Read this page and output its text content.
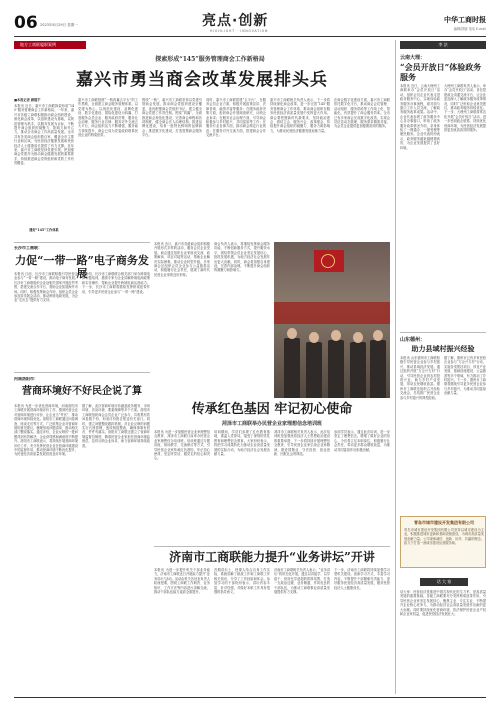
06 2023年8月29日 星期一	亮点·创新
HIGHLIGHT · INNOVATION
中华工商时报
编辑/排版 电话 E-mail
地方工商联履职案例
探索形成“145”服务管理商会工作新格局
嘉兴市勇当商会改革发展排头兵
■本报记者 顾继宇
本报讯 近日，嘉兴市工商联探索形成“145”服务管理商会工作新格局。一年来，嘉兴市各级工商联积极推动商会组织建设，深化商会改革，以组织建设为基础，以规范管理为抓手，以服务发展为目标，不断提升商会组织的凝聚力、影响力和号召力，推动全市商会工作高质量发展。全市共有各类商会组织数百家，覆盖全市主要行业和区域，为民营经济健康发展和民营经济人士健康成长提供了有力支撑。近年来，嘉兴市工商联坚持党建引领，把加强商会党建作为推动商会健康发展的重要抓手，持续推进商会党的组织和党的工作有效覆盖。
建好“145”工作体系
嘉兴市工商联按照“一核四翼五平台”的工作思路，全面建立商会服务管理体系。以党建为核心，以规范化建设、品牌化建设、数字化建设、国际化建设为四翼，打造服务会员企业、服务政府决策、服务社会治理、服务行业自律、服务对外交流五大平台，商会组织活力不断增强，服务能力持续提升，商会已成为党委政府联系民营企业的桥梁纽带。
围绕“一核”，嘉兴市工商联坚持以党建引领商会发展，推动商会党组织建设全覆盖，选优配强商会党组织书记，建立健全商会党建工作责任制。围绕“四翼”，全面推进商会规范化建设，完善商会章程和各项制度，健全商会法人治理结构；推进品牌化建设，培育一批特色鲜明的品牌商会；推进数字化建设，打造智慧商会服务平台。
同时，嘉兴市工商联搭建“五平台”，在服务会员企业方面，积极开展政策宣讲、法律咨询、融资对接等服务；在服务政府决策方面，组织商会开展调查研究，反映企业诉求；在服务社会治理方面，引导商会积极参与乡村振兴、共同富裕等工作；在服务行业自律方面，推动商会制定行业规范；在服务对外交流方面，搭建商会合作交流平台。
嘉兴市工商联相关负责人表示，下一步将持续深化商会改革，进一步完善“145”服务管理商会工作体系，推动商会组织在服务民营经济高质量发展中发挥更大作用。商会要把握新时代新要求，坚持政治建会、团结立会、服务兴会、改革强会，持续提升商会组织的凝聚力、服务力和影响力，为推动民营经济健康发展贡献力量。
在商会数字化建设方面，嘉兴市工商联依托数字化平台，推动商会会员管理、活动组织、服务供给等工作线上化、智能化，有效提升了商会服务效率。全市已有多家商会完成数字化改造，实现会员信息动态管理，服务需求精准对接，为会员企业提供更加便捷高效的服务。
长沙市工商联：
力促“一带一路”电子商务发展
本报讯 日前，长沙市工商联积极引导民营企业参与“一带一路”建设，推动电子商务发展。长沙市工商联组织企业赴相关国家开展经贸考察，搭建交流合作平台，帮助企业拓展海外市场。同时，积极发挥商会作用，组织会员企业参加各类展会活动，推动跨境电商发展，为企业“走出去”提供有力支持。
据介绍，长沙市工商联联合相关部门举办跨境电商专题培训，邀请专家为企业讲解跨境电商政策和实务操作，帮助企业提升跨境电商运营能力。下一步，长沙市工商联将继续发挥桥梁纽带作用，引导更多民营企业参与“一带一路”建设。
河南洛阳市：
营商环境好不好民企说了算
本报讯 为进一步优化营商环境，河南洛阳市工商联开展营商环境评价工作，邀请民营企业对营商环境进行评价，让企业当“考官”，推动营商环境持续优化。洛阳市工商联通过问卷调查、座谈走访等方式，广泛收集企业对营商环境的意见建议，梳理形成问题清单，推动相关部门整改落实。通过评价，企业反映的一批问题得到有效解决，企业获得感和满意度不断提升。洛阳市工商联表示，将持续开展营商环境评价工作，充分发挥民营企业在营商环境建设中的监督作用，推动营商环境不断优化提升，为民营经济高质量发展营造良好环境。
据了解，此次营商环境评价涵盖政务服务、市场环境、法治环境、要素保障等多个方面。洛阳市工商联组织商会会员企业广泛参与，共收集有效问卷数千份，形成评价报告报送有关部门。同时，建立问题整改跟踪机制，对企业反映的问题实行台账管理，逐项督促整改，确保事事有回音、件件有落实。洛阳市工商联还建立了营商环境监督员制度，聘请民营企业家担任营商环境监督员，及时反映企业诉求，助力营商环境持续改善。
本报讯 近日，嘉兴市各级商会组织积极开展形式多样的活动，服务会员企业发展。商会通过组织企业家座谈交流、政策解读、项目对接等活动，帮助企业解决实际困难，推动企业转型升级。多家商会还组织会员企业参与公益慈善活动，积极履行社会责任，展现了新时代民营企业家的良好形象。
商会负责人表示，将继续发挥商会服务功能，不断创新服务方式，提升服务水平，团结带领会员企业坚定发展信心，抢抓发展机遇，为地方经济社会发展作出更大贡献。同时，商会将加强自身建设，完善内部治理，不断提升商会组织的凝聚力和影响力。
传承红色基因 牢记初心使命
菏泽市工商联举办民营企业家理想信念培训班
本报讯 为进一步加强民营企业家理想信念教育，菏泽市工商联日前举办民营企业家理想信念培训班。培训班通过专题讲座、现场教学、交流研讨等方式，引导民营企业家传承红色基因，牢记初心使命，坚定听党话、跟党走的信心和决心。
培训期间，学员们参观了红色教育基地，重温入党誓词，接受了深刻的党性教育和理想信念教育。大家纷纷表示，将把学习成果转化为推动企业高质量发展的实际行动，为地方经济社会发展贡献力量。
菏泽市工商联相关负责人表示，此次培训班是加强民营经济人士思想政治建设的重要举措，下一步将持续开展理想信念教育，引导民营企业家弘扬企业家精神，做爱国敬业、守法经营、创业创新、回报社会的典范。
参训学员表示，通过此次培训，进一步坚定了理想信念，增强了做好企业的信心。今后将立足本职岗位，积极履行社会责任，带动更多群众增收致富，为推动共同富裕作出积极贡献。
济南市工商联能力提升“业务讲坛”开讲
本报讯 为进一步提升机关干部业务能力，济南市工商联近日开展能力提升“业务讲坛”活动。活动由机关各处室负责人轮流授课，围绕工商联工作职责、业务知识、工作方法等内容进行讲解交流，推动干部队伍能力素质全面提升。
首期讲坛上，授课人结合自身工作实际，系统讲解了统战工作和工商联工作相关知识，分享了工作经验和体会。参加学习的干部纷纷表示，讲坛内容丰富、针对性强，对做好本职工作具有很强的指导意义。
济南市工商联相关负责人表示，“业务讲坛”将常态化开展，通过以讲促学、以学促干，营造比学赶超的浓厚氛围，打造一支政治过硬、业务精通、作风优良的干部队伍，为推动工商联事业高质量发展提供有力支撑。
下一步，济南市工商联将持续加强学习型机关建设，创新学习方式，丰富学习内容，不断提升干部履职尽责能力，更好服务民营经济高质量发展，服务民营经济人士健康成长。
李 法
云南大理：
“会员开放日”体验政务服务
本报讯 近日，云南大理州工商联举办“会员开放日”活动，组织会员企业代表走进政务服务中心，实地体验政务服务办事流程，面对面与窗口工作人员交流，了解政务服务改革成果。活动中，企业代表参观了政务服务中心各办事窗口，听取了政务服务改革情况介绍，亲身体验了一网通办、一窗受理等便民服务。企业代表纷纷表示，政务服务越来越便捷高效，为企业发展提供了良好环境。
大理州工商联负责人表示，举办“会员开放日”活动，旨在搭建政企沟通交流平台，让企业更加深入了解政务服务改革情况，同时广泛听取企业意见建议，推动政务服务持续优化。下一步，大理州工商联将常态化开展“会员开放日”活动，进一步密切政企联系，持续优化营商环境，为民营经济发展提供更加优质高效的服务。
山东德州：
助力县域村振兴经验
本报讯 山东德州市工商联积极引导民营企业参与乡村振兴，推动县域经济发展。通过组织开展“万企兴万村”行动，引导民营企业到农村投资兴业，助力乡村产业发展，带动农民增收致富。德州市工商联还组织召开经验交流会，总结推广民营企业参与乡村振兴的典型经验。
据了解，德州市已有多家民营企业参与“万企兴万村”行动，实施各类帮扶项目，涉及产业发展、基础设施建设、公益慈善等多个领域，有力推动了乡村振兴。下一步，德州市工商联将继续引导更多民营企业参与乡村振兴，为推动共同富裕贡献力量。
青岛市城市建设开发集团有限公司
青岛市城市建设开发集团有限公司坚持以城市建设为主业，积极推进城市更新和基础设施建设，为城市高质量发展贡献力量。公司秉承诚信、创新、协作、共赢的理念，致力于打造一流城市建设运营服务商。
话 大 家
话大家：民营经济是推进中国式现代化的生力军，是高质量发展的重要基础。各级工商联要充分发挥桥梁纽带作用，引导民营企业家坚定发展信心，聚焦主业、专注实业，不断提升企业核心竞争力，为推动经济社会高质量发展作出新的更大贡献。同时要持续优化营商环境，依法保护民营企业产权和企业家权益，促进民营经济发展壮大。
